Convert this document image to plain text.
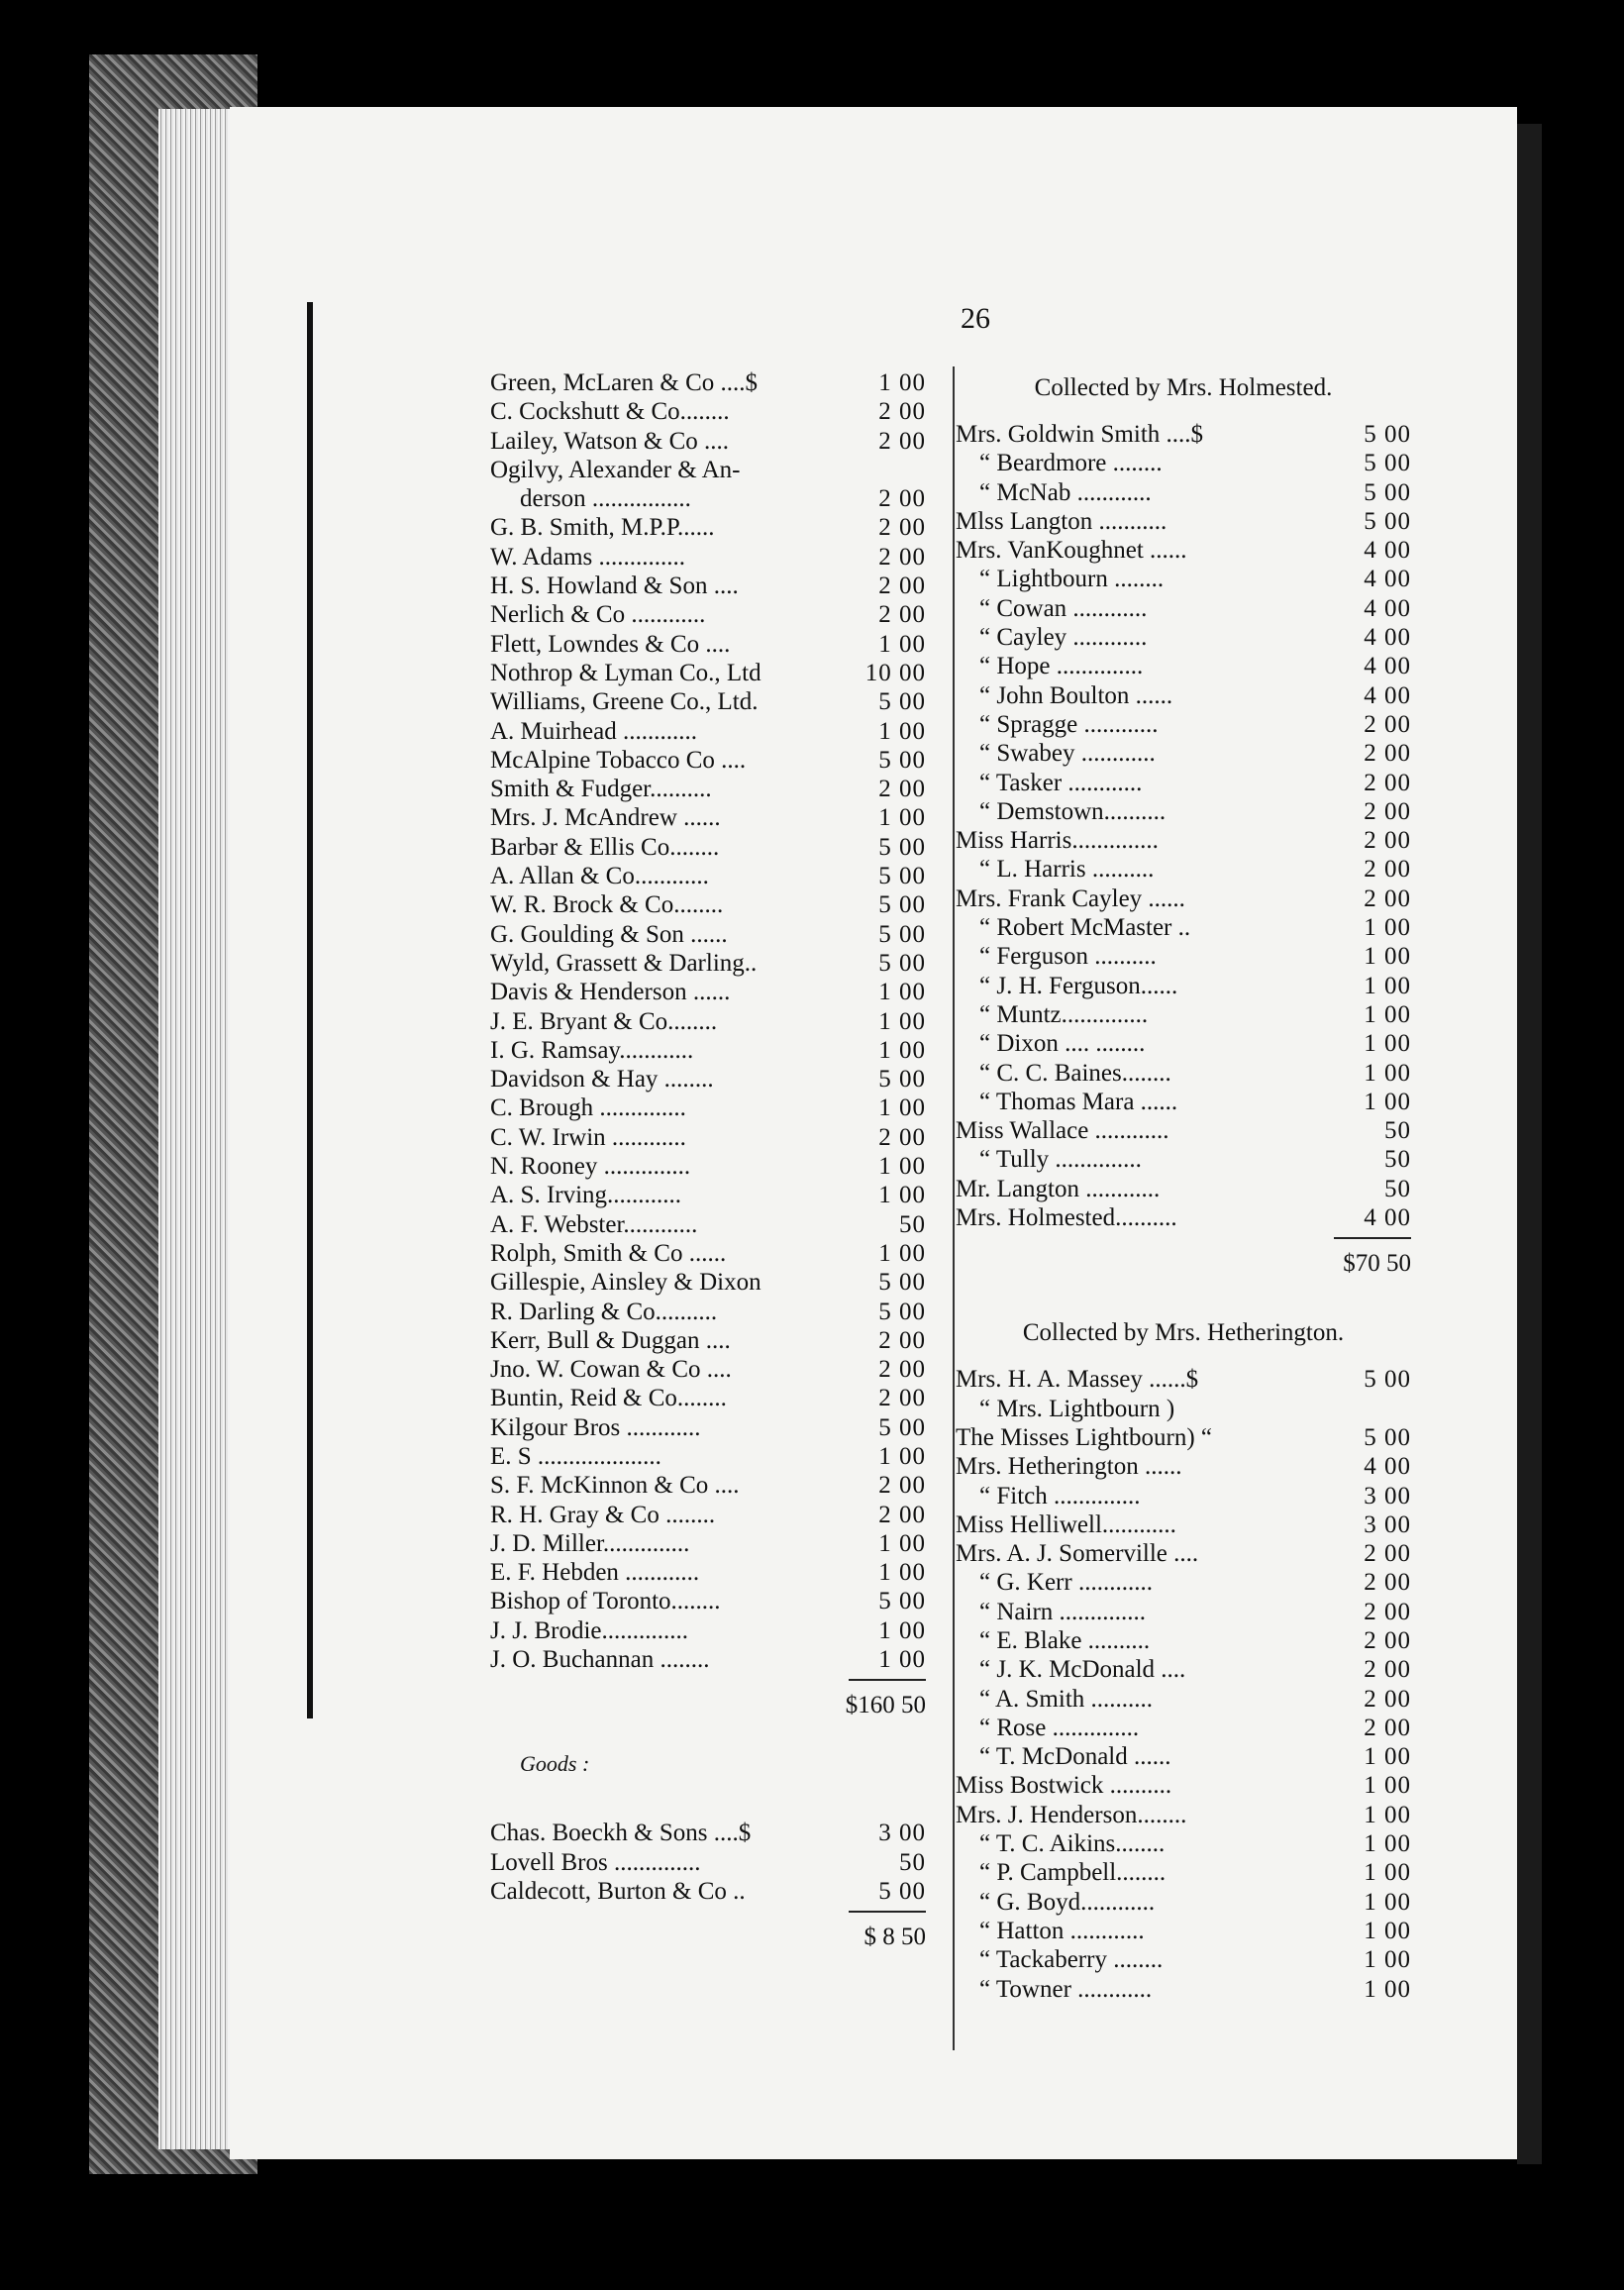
26
Green, McLaren & Co ....$	1 00
C. Cockshutt & Co........	2 00
Lailey, Watson & Co ....	2 00
Ogilvy, Alexander & An-
derson ................	2 00
G. B. Smith, M.P.P......	2 00
W. Adams ..............	2 00
H. S. Howland & Son ....	2 00
Nerlich & Co ............	2 00
Flett, Lowndes & Co ....	1 00
Nothrop & Lyman Co., Ltd	10 00
Williams, Greene Co., Ltd.	5 00
A. Muirhead ............	1 00
McAlpine Tobacco Co ....	5 00
Smith & Fudger..........	2 00
Mrs. J. McAndrew ......	1 00
Barbər & Ellis Co........	5 00
A. Allan & Co............	5 00
W. R. Brock & Co........	5 00
G. Goulding & Son ......	5 00
Wyld, Grassett & Darling..	5 00
Davis & Henderson ......	1 00
J. E. Bryant & Co........	1 00
I. G. Ramsay............	1 00
Davidson & Hay ........	5 00
C. Brough ..............	1 00
C. W. Irwin ............	2 00
N. Rooney ..............	1 00
A. S. Irving............	1 00
A. F. Webster............	50
Rolph, Smith & Co ......	1 00
Gillespie, Ainsley & Dixon	5 00
R. Darling & Co..........	5 00
Kerr, Bull & Duggan ....	2 00
Jno. W. Cowan & Co ....	2 00
Buntin, Reid & Co........	2 00
Kilgour Bros ............	5 00
E. S ....................	1 00
S. F. McKinnon & Co ....	2 00
R. H. Gray & Co ........	2 00
J. D. Miller..............	1 00
E. F. Hebden ............	1 00
Bishop of Toronto........	5 00
J. J. Brodie..............	1 00
J. O. Buchannan ........	1 00
$160 50
Goods :
Chas. Boeckh & Sons ....$	3 00
Lovell Bros ..............	50
Caldecott, Burton & Co ..	5 00
$ 8 50
Collected by Mrs. Holmested.
Mrs. Goldwin Smith ....$	5 00
“ Beardmore ........	5 00
“ McNab ............	5 00
Mlss Langton ...........	5 00
Mrs. VanKoughnet ......	4 00
“ Lightbourn ........	4 00
“ Cowan ............	4 00
“ Cayley ............	4 00
“ Hope ..............	4 00
“ John Boulton ......	4 00
“ Spragge ............	2 00
“ Swabey ............	2 00
“ Tasker ............	2 00
“ Demstown..........	2 00
Miss Harris..............	2 00
“ L. Harris ..........	2 00
Mrs. Frank Cayley ......	2 00
“ Robert McMaster ..	1 00
“ Ferguson ..........	1 00
“ J. H. Ferguson......	1 00
“ Muntz..............	1 00
“ Dixon .... ........	1 00
“ C. C. Baines........	1 00
“ Thomas Mara ......	1 00
Miss Wallace ............	50
“ Tully ..............	50
Mr. Langton ............	50
Mrs. Holmested..........	4 00
$70 50
Collected by Mrs. Hetherington.
Mrs. H. A. Massey ......$	5 00
“ Mrs. Lightbourn )
The Misses Lightbourn) “	5 00
Mrs. Hetherington ......	4 00
“ Fitch ..............	3 00
Miss Helliwell............	3 00
Mrs. A. J. Somerville ....	2 00
“ G. Kerr ............	2 00
“ Nairn ..............	2 00
“ E. Blake ..........	2 00
“ J. K. McDonald ....	2 00
“ A. Smith ..........	2 00
“ Rose ..............	2 00
“ T. McDonald ......	1 00
Miss Bostwick ..........	1 00
Mrs. J. Henderson........	1 00
“ T. C. Aikins........	1 00
“ P. Campbell........	1 00
“ G. Boyd............	1 00
“ Hatton ............	1 00
“ Tackaberry ........	1 00
“ Towner ............	1 00
